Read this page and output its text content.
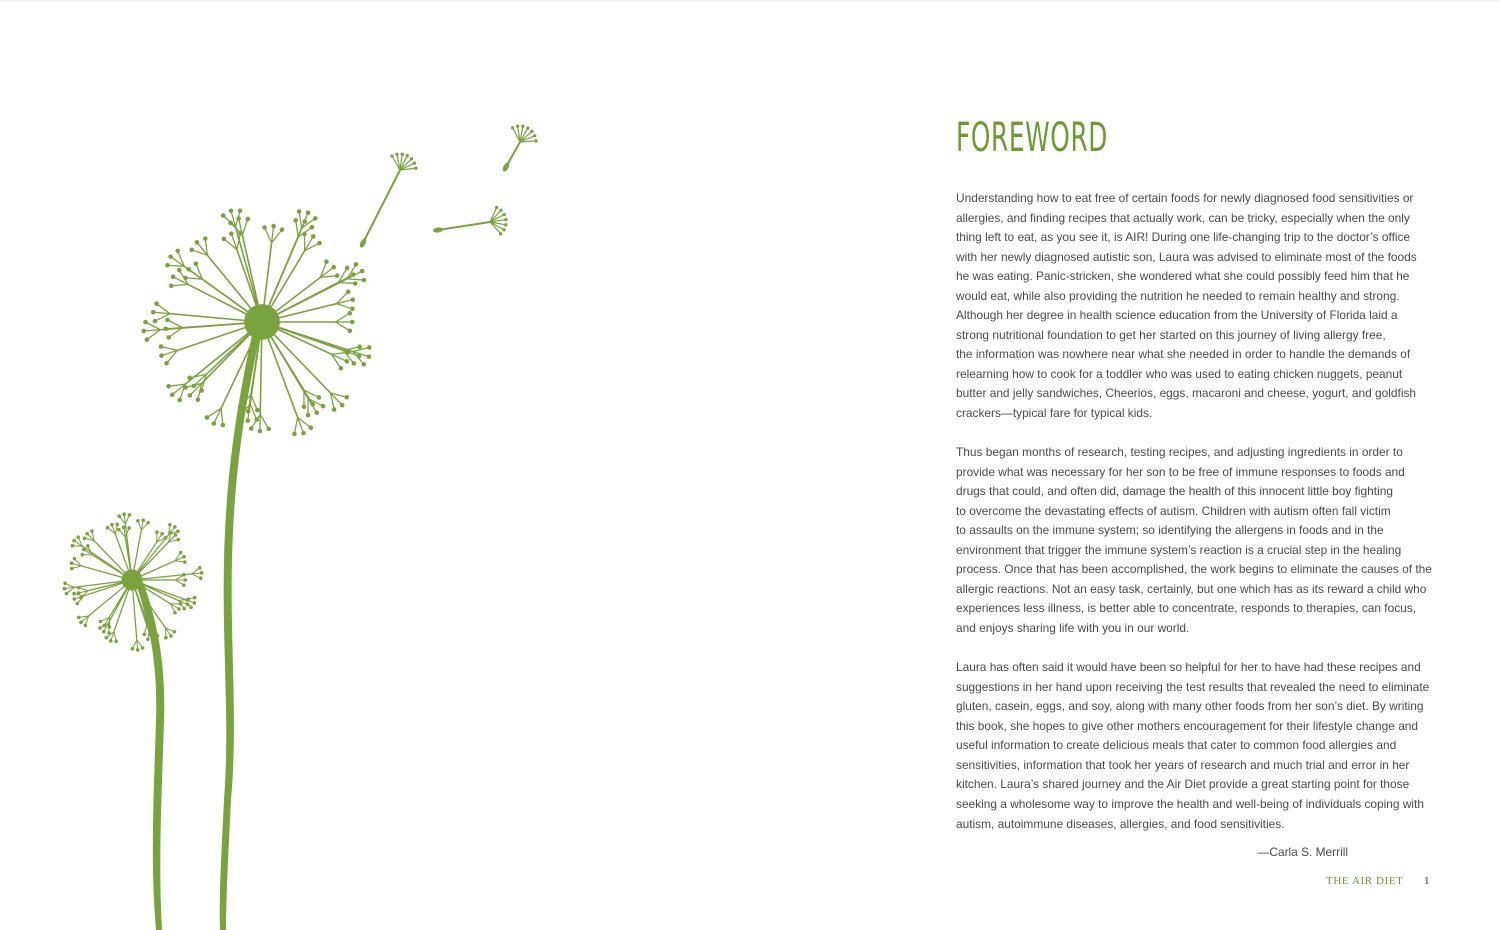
FOREWORD
Understanding how to eat free of certain foods for newly diagnosed food sensitivities or
allergies, and finding recipes that actually work, can be tricky, especially when the only
thing left to eat, as you see it, is AIR! During one life-changing trip to the doctor’s office
with her newly diagnosed autistic son, Laura was advised to eliminate most of the foods
he was eating. Panic-stricken, she wondered what she could possibly feed him that he
would eat, while also providing the nutrition he needed to remain healthy and strong.
Although her degree in health science education from the University of Florida laid a
strong nutritional foundation to get her started on this journey of living allergy free,
the information was nowhere near what she needed in order to handle the demands of
relearning how to cook for a toddler who was used to eating chicken nuggets, peanut
butter and jelly sandwiches, Cheerios, eggs, macaroni and cheese, yogurt, and goldfish
crackers—typical fare for typical kids.
Thus began months of research, testing recipes, and adjusting ingredients in order to
provide what was necessary for her son to be free of immune responses to foods and
drugs that could, and often did, damage the health of this innocent little boy fighting
to overcome the devastating effects of autism. Children with autism often fall victim
to assaults on the immune system; so identifying the allergens in foods and in the
environment that trigger the immune system’s reaction is a crucial step in the healing
process. Once that has been accomplished, the work begins to eliminate the causes of the
allergic reactions. Not an easy task, certainly, but one which has as its reward a child who
experiences less illness, is better able to concentrate, responds to therapies, can focus,
and enjoys sharing life with you in our world.
Laura has often said it would have been so helpful for her to have had these recipes and
suggestions in her hand upon receiving the test results that revealed the need to eliminate
gluten, casein, eggs, and soy, along with many other foods from her son’s diet. By writing
this book, she hopes to give other mothers encouragement for their lifestyle change and
useful information to create delicious meals that cater to common food allergies and
sensitivities, information that took her years of research and much trial and error in her
kitchen. Laura’s shared journey and the Air Diet provide a great starting point for those
seeking a wholesome way to improve the health and well-being of individuals coping with
autism, autoimmune diseases, allergies, and food sensitivities.
—Carla S. Merrill
THE AIR DIET 1
